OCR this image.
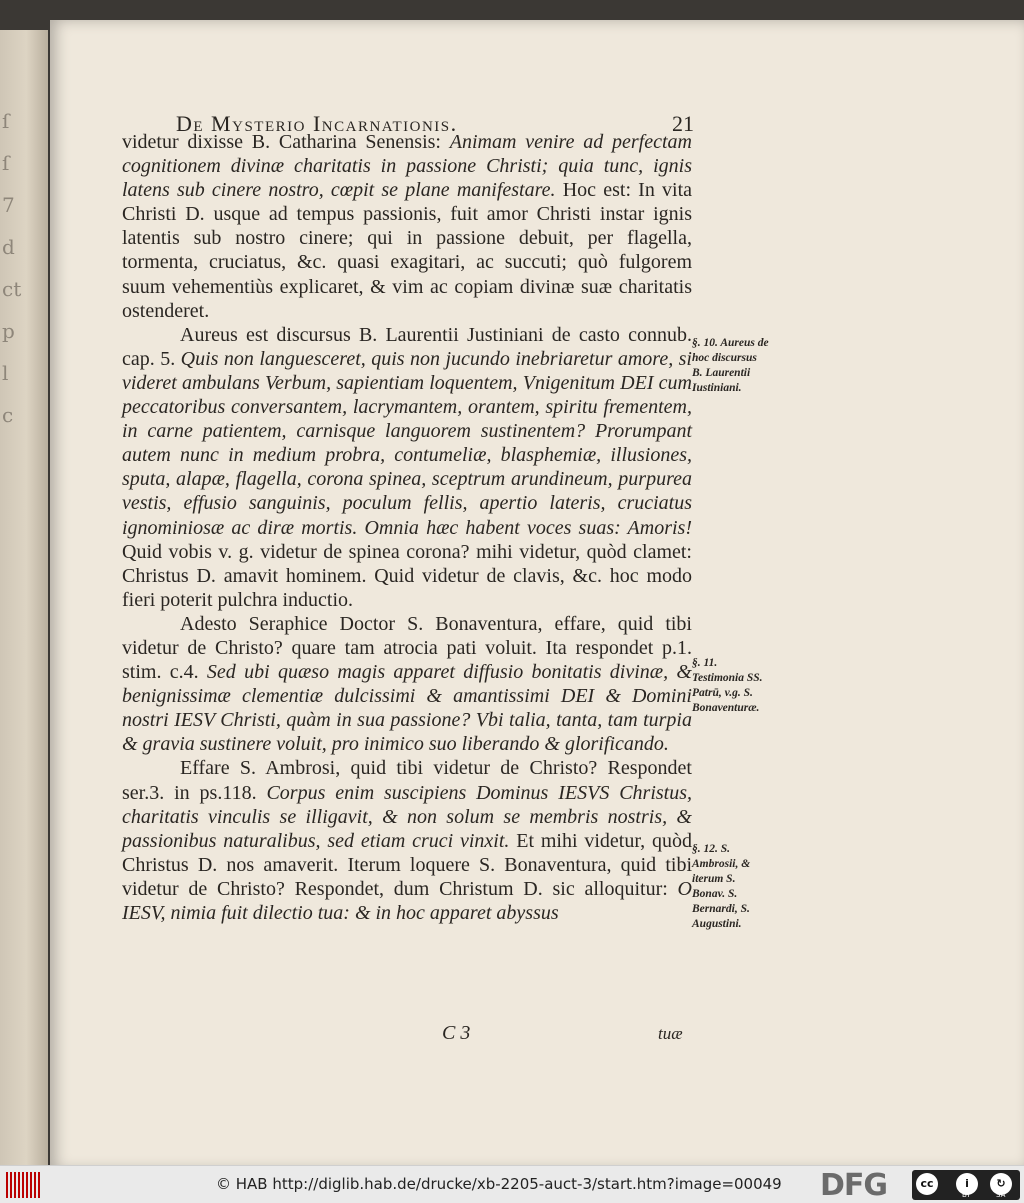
ſ
ſ
7
d
ct
p
l
c
De Mysterio Incarnationis.	21

videtur dixisse B. Catharina Senensis: Animam venire ad perfectam cognitionem divinæ charitatis in passione Christi; quia tunc, ignis latens sub cinere nostro, cœpit se plane manifestare. Hoc est: In vita Christi D. usque ad tempus passionis, fuit amor Christi instar ignis latentis sub nostro cinere; qui in passione debuit, per flagella, tormenta, cruciatus, &c. quasi exagitari, ac succuti; quò fulgorem suum vehementiùs explicaret, & vim ac copiam divinæ suæ charitatis ostenderet.

Aureus est discursus B. Laurentii Justiniani de casto connub. cap. 5. Quis non languesceret, quis non jucundo inebriaretur amore, si videret ambulans Verbum, sapientiam loquentem, Vnigenitum DEI cum peccatoribus conversantem, lacrymantem, orantem, spiritu frementem, in carne patientem, carnisque languorem sustinentem? Prorumpant autem nunc in medium probra, contumeliæ, blasphemiæ, illusiones, sputa, alapæ, flagella, corona spinea, sceptrum arundineum, purpurea vestis, effusio sanguinis, poculum fellis, apertio lateris, cruciatus ignominiosæ ac diræ mortis. Omnia hæc habent voces suas: Amoris! Quid vobis v. g. videtur de spinea corona? mihi videtur, quòd clamet: Christus D. amavit hominem. Quid videtur de clavis, &c. hoc modo fieri poterit pulchra inductio.

Adesto Seraphice Doctor S. Bonaventura, effare, quid tibi videtur de Christo? quare tam atrocia pati voluit. Ita respondet p.1. stim. c.4. Sed ubi quæso magis apparet diffusio bonitatis divinæ, & benignissimæ clementiæ dulcissimi & amantissimi DEI & Domini nostri IESV Christi, quàm in sua passione? Vbi talia, tanta, tam turpia & gravia sustinere voluit, pro inimico suo liberando & glorificando.

Effare S. Ambrosi, quid tibi videtur de Christo? Respondet ser.3. in ps.118. Corpus enim suscipiens Dominus IESVS Christus, charitatis vinculis se illigavit, & non solum se membris nostris, & passionibus naturalibus, sed etiam cruci vinxit. Et mihi videtur, quòd Christus D. nos amaverit. Iterum loquere S. Bonaventura, quid tibi videtur de Christo? Respondet, dum Christum D. sic alloquitur: O IESV, nimia fuit dilectio tua: & in hoc apparet abyssus

§. 10. Aureus de hoc discursus B. Laurentii Iustiniani.
§. 11. Testimonia SS. Patrū, v.g. S. Bonaventuræ.
§. 12. S. Ambrosii, & iterum S. Bonav. S. Bernardi, S. Augustini.
C 3	tuæ
© HAB http://diglib.hab.de/drucke/xb-2205-auct-3/start.htm?image=00049 DFG	cc	i	↻
BY	SA
